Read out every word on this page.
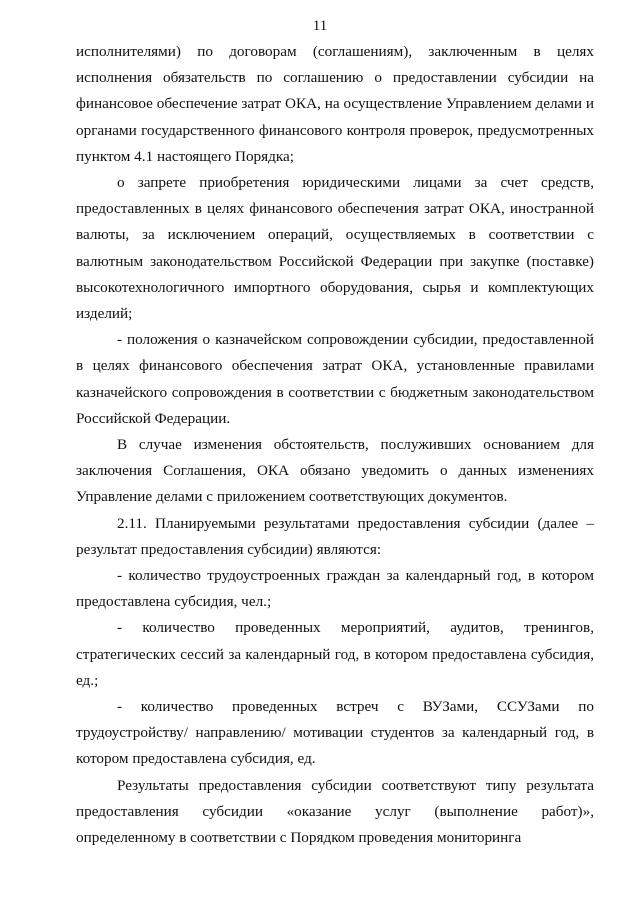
11

исполнителями) по договорам (соглашениям), заключенным в целях исполнения обязательств по соглашению о предоставлении субсидии на финансовое обеспечение затрат ОКА, на осуществление Управлением делами и органами государственного финансового контроля проверок, предусмотренных пунктом 4.1 настоящего Порядка;

о запрете приобретения юридическими лицами за счет средств, предоставленных в целях финансового обеспечения затрат ОКА, иностранной валюты, за исключением операций, осуществляемых в соответствии с валютным законодательством Российской Федерации при закупке (поставке) высокотехнологичного импортного оборудования, сырья и комплектующих изделий;

- положения о казначейском сопровождении субсидии, предоставленной в целях финансового обеспечения затрат ОКА, установленные правилами казначейского сопровождения в соответствии с бюджетным законодательством Российской Федерации.

В случае изменения обстоятельств, послуживших основанием для заключения Соглашения, ОКА обязано уведомить о данных изменениях Управление делами с приложением соответствующих документов.

2.11. Планируемыми результатами предоставления субсидии (далее – результат предоставления субсидии) являются:

- количество трудоустроенных граждан за календарный год, в котором предоставлена субсидия, чел.;

- количество проведенных мероприятий, аудитов, тренингов, стратегических сессий за календарный год, в котором предоставлена субсидия, ед.;

- количество проведенных встреч с ВУЗами, ССУЗами по трудоустройству/ направлению/ мотивации студентов за календарный год, в котором предоставлена субсидия, ед.

Результаты предоставления субсидии соответствуют типу результата предоставления субсидии «оказание услуг (выполнение работ)», определенному в соответствии с Порядком проведения мониторинга
